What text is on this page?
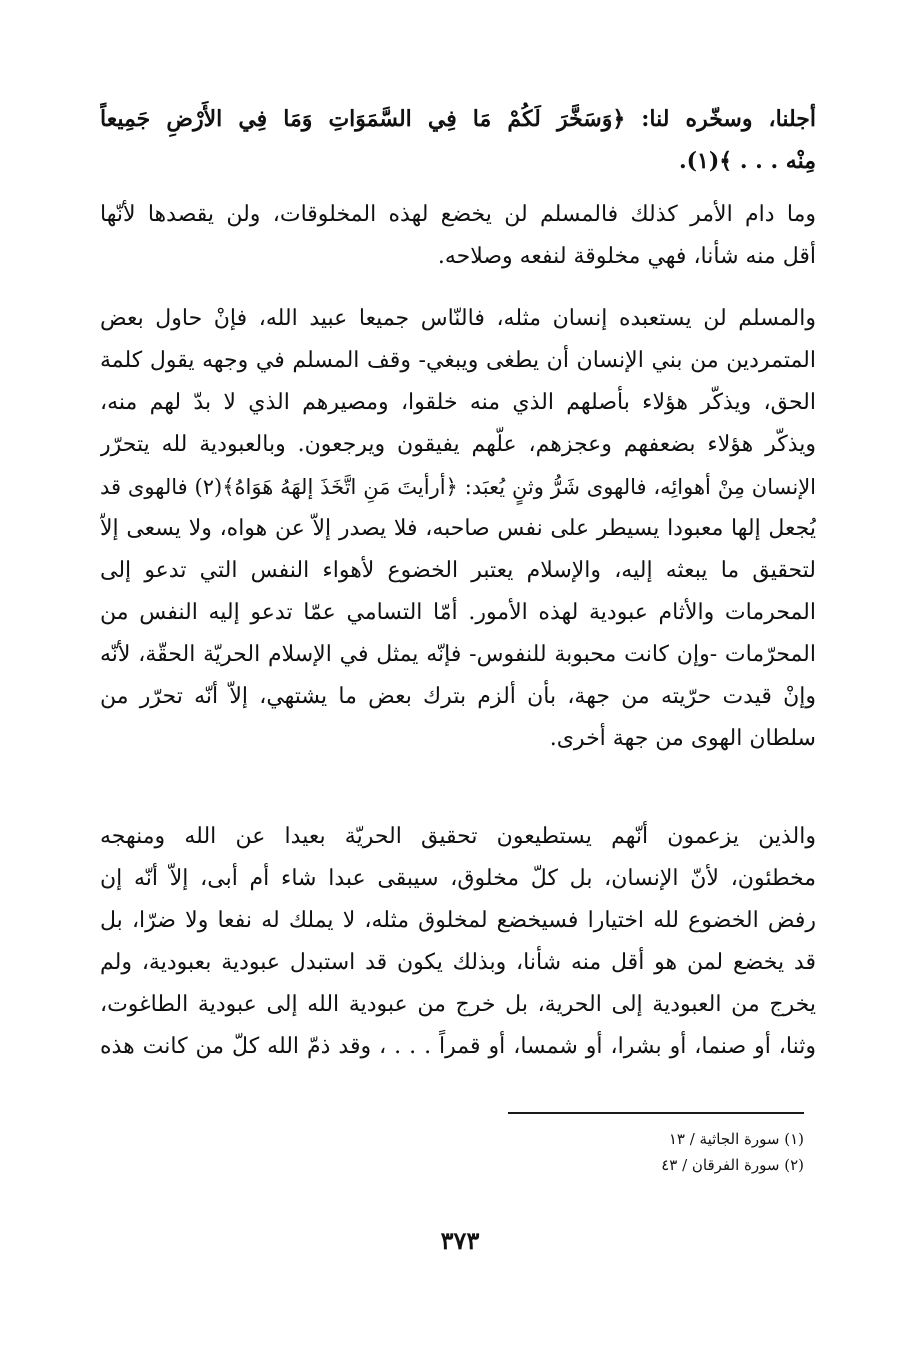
أجلنا، وسخّره لنا: ﴿وَسَخَّرَ لَكُمْ مَا فِي السَّمَوَاتِ وَمَا فِي الأَرْضِ جَمِيعاً
مِنْه . . . ﴾(١).
وما دام الأمر كذلك فالمسلم لن يخضع لهذه المخلوقات، ولن يقصدها لأنّها
أقل منه شأنا، فهي مخلوقة لنفعه وصلاحه.
والمسلم لن يستعبده إنسان مثله، فالنّاس جميعا عبيد الله، فإنْ حاول بعض
المتمردين من بني الإنسان أن يطغى ويبغي- وقف المسلم في وجهه يقول كلمة
الحق، ويذكّر هؤلاء بأصلهم الذي منه خلقوا، ومصيرهم الذي لا بدّ لهم منه،
ويذكّر هؤلاء بضعفهم وعجزهم، علّهم يفيقون ويرجعون. وبالعبودية لله يتحرّر
الإنسان مِنْ أهوائِه، فالهوى شَرُّ وثنٍ يُعبَد: ﴿أرأيتَ مَنِ اتَّخَذَ إلهَهُ هَوَاهُ﴾(٢) فالهوى قد
يُجعل إلها معبودا يسيطر على نفس صاحبه، فلا يصدر إلاّ عن هواه، ولا يسعى إلاّ
لتحقيق ما يبعثه إليه، والإسلام يعتبر الخضوع لأهواء النفس التي تدعو إلى
المحرمات والأثام عبودية لهذه الأمور. أمّا التسامي عمّا تدعو إليه النفس من
المحرّمات -وإن كانت محبوبة للنفوس- فإنّه يمثل في الإسلام الحريّة الحقّة، لأنّه
وإنْ قيدت حرّيته من جهة، بأن ألزم بترك بعض ما يشتهي، إلاّ أنّه تحرّر من
سلطان الهوى من جهة أخرى.
والذين يزعمون أنّهم يستطيعون تحقيق الحريّة بعيدا عن الله ومنهجه
مخطئون، لأنّ الإنسان، بل كلّ مخلوق، سيبقى عبدا شاء أم أبى، إلاّ أنّه إن
رفض الخضوع لله اختيارا فسيخضع لمخلوق مثله، لا يملك له نفعا ولا ضرّا، بل
قد يخضع لمن هو أقل منه شأنا، وبذلك يكون قد استبدل عبودية بعبودية، ولم
يخرج من العبودية إلى الحرية، بل خرج من عبودية الله إلى عبودية الطاغوت،
وثنا، أو صنما، أو بشرا، أو شمسا، أو قمراً . . . ، وقد ذمّ الله كلّ من كانت هذه
(١) سورة الجاثية / ١٣
(٢) سورة الفرقان / ٤٣
٣٧٣
